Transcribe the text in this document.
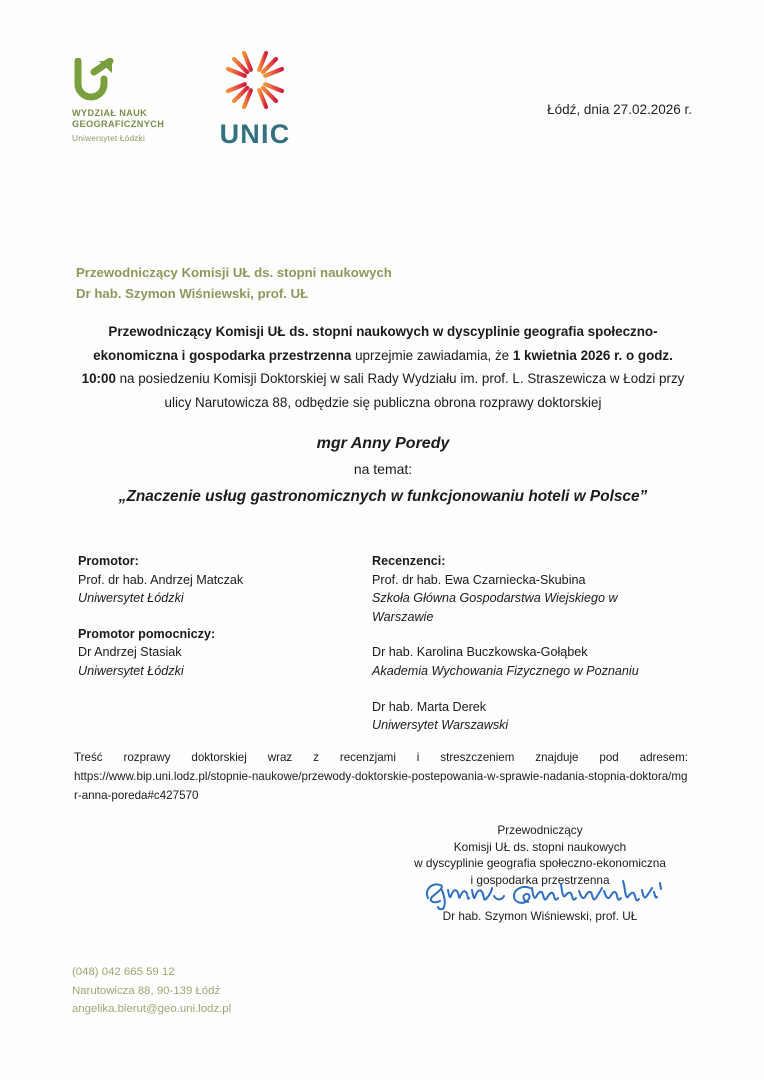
WYDZIAŁ NAUK
GEOGRAFICZNYCH
Uniwersytet Łódzki	UNIC
Łódź, dnia 27.02.2026 r.
Przewodniczący Komisji UŁ ds. stopni naukowych
Dr hab. Szymon Wiśniewski, prof. UŁ
Przewodniczący Komisji UŁ ds. stopni naukowych w dyscyplinie geografia społeczno-ekonomiczna i gospodarka przestrzenna uprzejmie zawiadamia, że 1 kwietnia 2026 r. o godz. 10:00 na posiedzeniu Komisji Doktorskiej w sali Rady Wydziału im. prof. L. Straszewicza w Łodzi przy ulicy Narutowicza 88, odbędzie się publiczna obrona rozprawy doktorskiej
mgr Anny Poredy
na temat:
„Znaczenie usług gastronomicznych w funkcjonowaniu hoteli w Polsce”
Promotor:
Prof. dr hab. Andrzej Matczak
Uniwersytet Łódzki
Promotor pomocniczy:
Dr Andrzej Stasiak
Uniwersytet Łódzki
Recenzenci:
Prof. dr hab. Ewa Czarniecka-Skubina
Szkoła Główna Gospodarstwa Wiejskiego w Warszawie
Dr hab. Karolina Buczkowska-Gołąbek
Akademia Wychowania Fizycznego w Poznaniu
Dr hab. Marta Derek
Uniwersytet Warszawski
Treść rozprawy doktorskiej wraz z recenzjami i streszczeniem znajduje pod adresem:
https://www.bip.uni.lodz.pl/stopnie-naukowe/przewody-doktorskie-postepowania-w-sprawie-nadania-stopnia-doktora/mgr-anna-poreda#c427570
Przewodniczący
Komisji UŁ ds. stopni naukowych
w dyscyplinie geografia społeczno-ekonomiczna
i gospodarka przestrzenna
Dr hab. Szymon Wiśniewski, prof. UŁ
(048) 042 665 59 12
Narutowicza 88, 90-139 Łódź
angelika.bierut@geo.uni.lodz.pl
